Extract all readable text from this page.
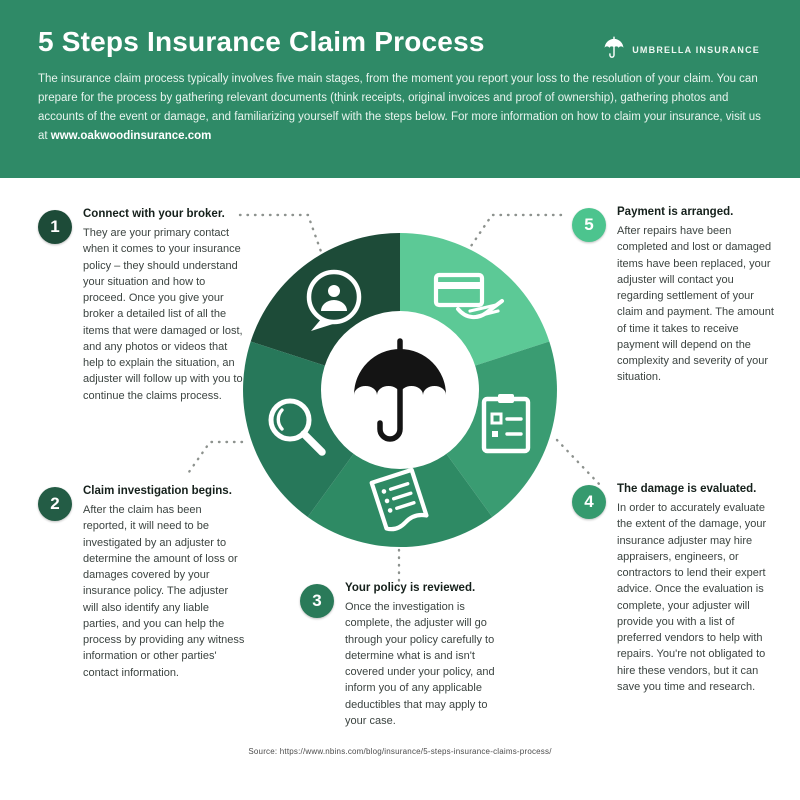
5 Steps Insurance Claim Process	UMBRELLA INSURANCE

The insurance claim process typically involves five main stages, from the moment you report your loss to the resolution of your claim. You can prepare for the process by gathering relevant documents (think receipts, original invoices and proof of ownership), gathering photos and accounts of the event or damage, and familiarizing yourself with the steps below. For more information on how to claim your insurance, visit us at www.oakwoodinsurance.com

1
Connect with your broker.
They are your primary contact when it comes to your insurance policy – they should understand your situation and how to proceed. Once you give your broker a detailed list of all the items that were damaged or lost, and any photos or videos that help to explain the situation, an adjuster will follow up with you to continue the claims process.
2
Claim investigation begins.
After the claim has been reported, it will need to be investigated by an adjuster to determine the amount of loss or damages covered by your insurance policy. The adjuster will also identify any liable parties, and you can help the process by providing any witness information or other parties' contact information.
3
Your policy is reviewed.
Once the investigation is complete, the adjuster will go through your policy carefully to determine what is and isn't covered under your policy, and inform you of any applicable deductibles that may apply to your case.
4
The damage is evaluated.
In order to accurately evaluate the extent of the damage, your insurance adjuster may hire appraisers, engineers, or contractors to lend their expert advice. Once the evaluation is complete, your adjuster will provide you with a list of preferred vendors to help with repairs. You're not obligated to hire these vendors, but it can save you time and research.
5
Payment is arranged.
After repairs have been completed and lost or damaged items have been replaced, your adjuster will contact you regarding settlement of your claim and payment. The amount of time it takes to receive payment will depend on the complexity and severity of your situation.
Source: https://www.nbins.com/blog/insurance/5-steps-insurance-claims-process/
